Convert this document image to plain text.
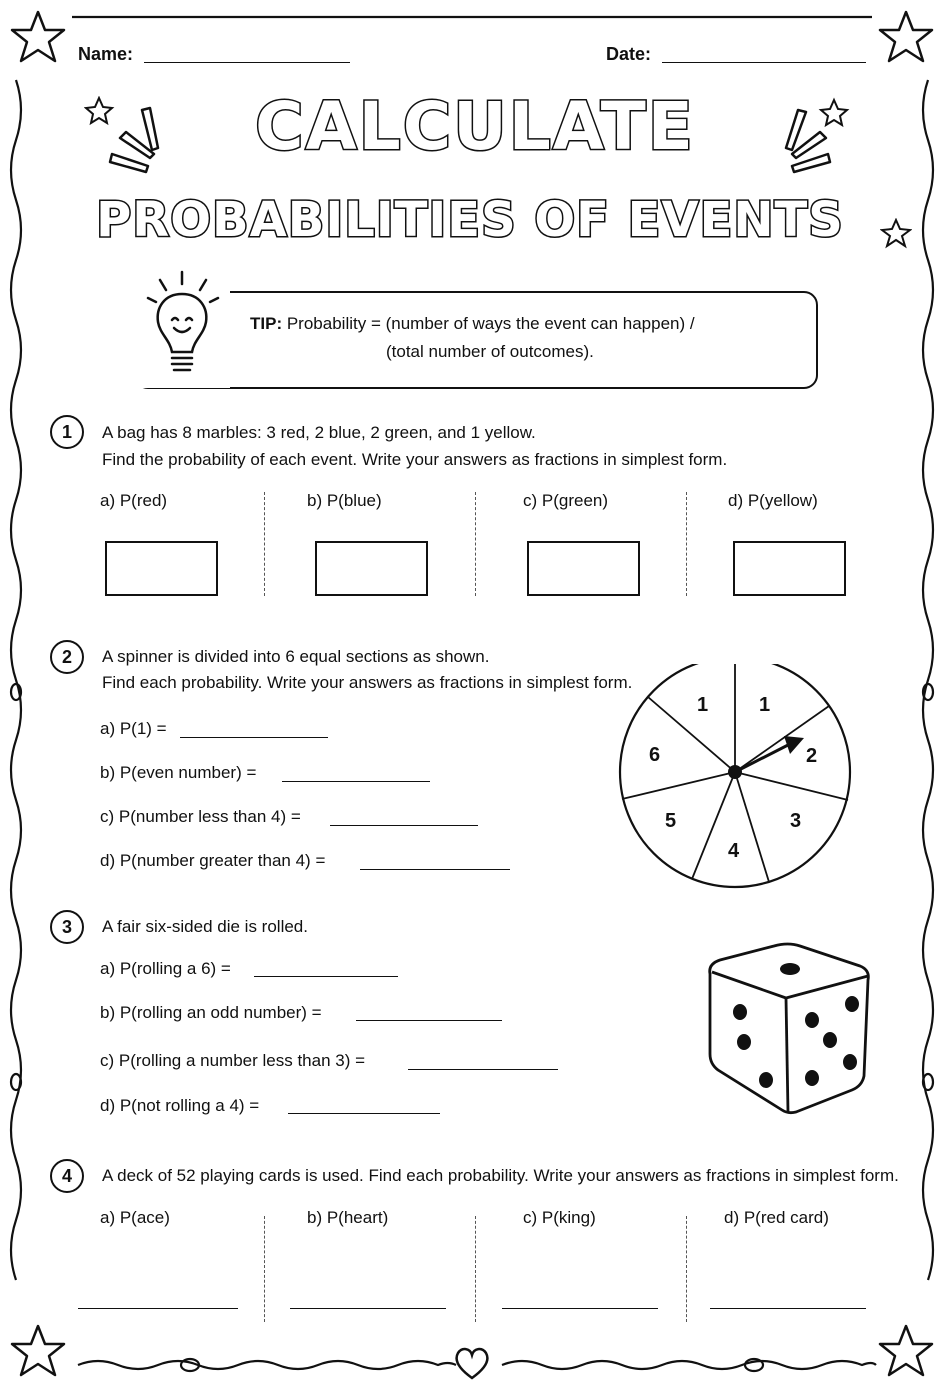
Name:	Date:
CALCULATE
PROBABILITIES OF EVENTS
TIP: Probability = (number of ways the event can happen) /
(total number of outcomes).
1	A bag has 8 marbles: 3 red, 2 blue, 2 green, and 1 yellow.
Find the probability of each event. Write your answers as fractions in simplest form.
a) P(red)	b) P(blue)	c) P(green)	d) P(yellow)
2	A spinner is divided into 6 equal sections as shown.
Find each probability. Write your answers as fractions in simplest form.
a) P(1) =
b) P(even number) =
c) P(number less than 4) =
d) P(number greater than 4) =
1	1
2
3
4
5
6
3	A fair six-sided die is rolled.
a) P(rolling a 6) =
b) P(rolling an odd number) =
c) P(rolling a number less than 3) =
d) P(not rolling a 4) =
4	A deck of 52 playing cards is used. Find each probability. Write your answers as fractions in simplest form.
a) P(ace)	b) P(heart)	c) P(king)	d) P(red card)
